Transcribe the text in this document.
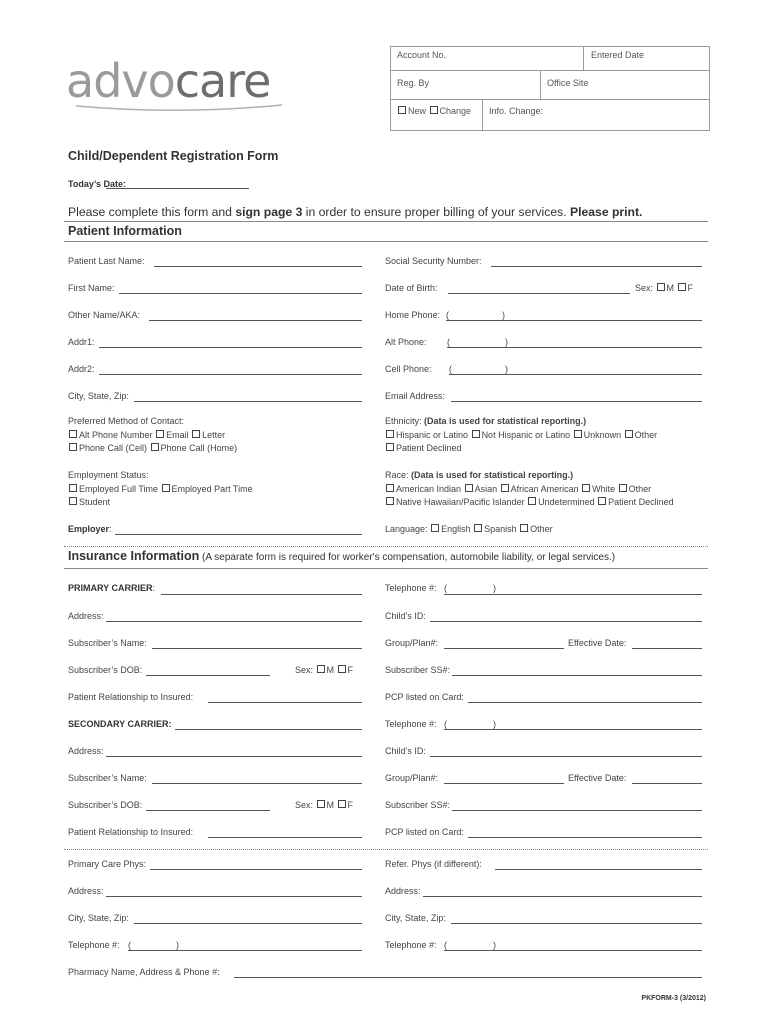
advocare	Account No.	Entered Date
Reg. By	Office Site
New Change	Info. Change:
Child/Dependent Registration Form
Today’s Date:
Please complete this form and sign page 3 in order to ensure proper billing of your services. Please print.
Patient Information
Patient Last Name:	Social Security Number:
First Name:	Date of Birth:	Sex: M F
Other Name/AKA:	Home Phone: (	)
Addr1:	Alt Phone: (	)
Addr2:	Cell Phone: (	)
City, State, Zip:	Email Address:
Preferred Method of Contact:
Alt Phone Number Email Letter
Phone Call (Cell) Phone Call (Home)
Ethnicity: (Data is used for statistical reporting.)
Hispanic or Latino Not Hispanic or Latino Unknown Other
Patient Declined
Employment Status:
Employed Full Time Employed Part Time
Student
Race: (Data is used for statistical reporting.)
American Indian Asian African American White Other
Native Hawaiian/Pacific Islander Undetermined Patient Declined
Employer:	Language: English Spanish Other
Insurance Information (A separate form is required for worker's compensation, automobile liability, or legal services.)
PRIMARY CARRIER:	Telephone #: (	)
Address:	Child’s ID:
Subscriber’s Name:	Group/Plan#:	Effective Date:
Subscriber’s DOB:	Sex: M F	Subscriber SS#:
Patient Relationship to Insured:	PCP listed on Card:
SECONDARY CARRIER:	Telephone #: (	)
Address:	Child’s ID:
Subscriber’s Name:	Group/Plan#:	Effective Date:
Subscriber’s DOB:	Sex: M F	Subscriber SS#:
Patient Relationship to Insured:	PCP listed on Card:
Primary Care Phys:	Refer. Phys (if different):
Address:	Address:
City, State, Zip:	City, State, Zip:
Telephone #: (	)	Telephone #: (	)
Pharmacy Name, Address & Phone #:
PKFORM-3 (3/2012)
